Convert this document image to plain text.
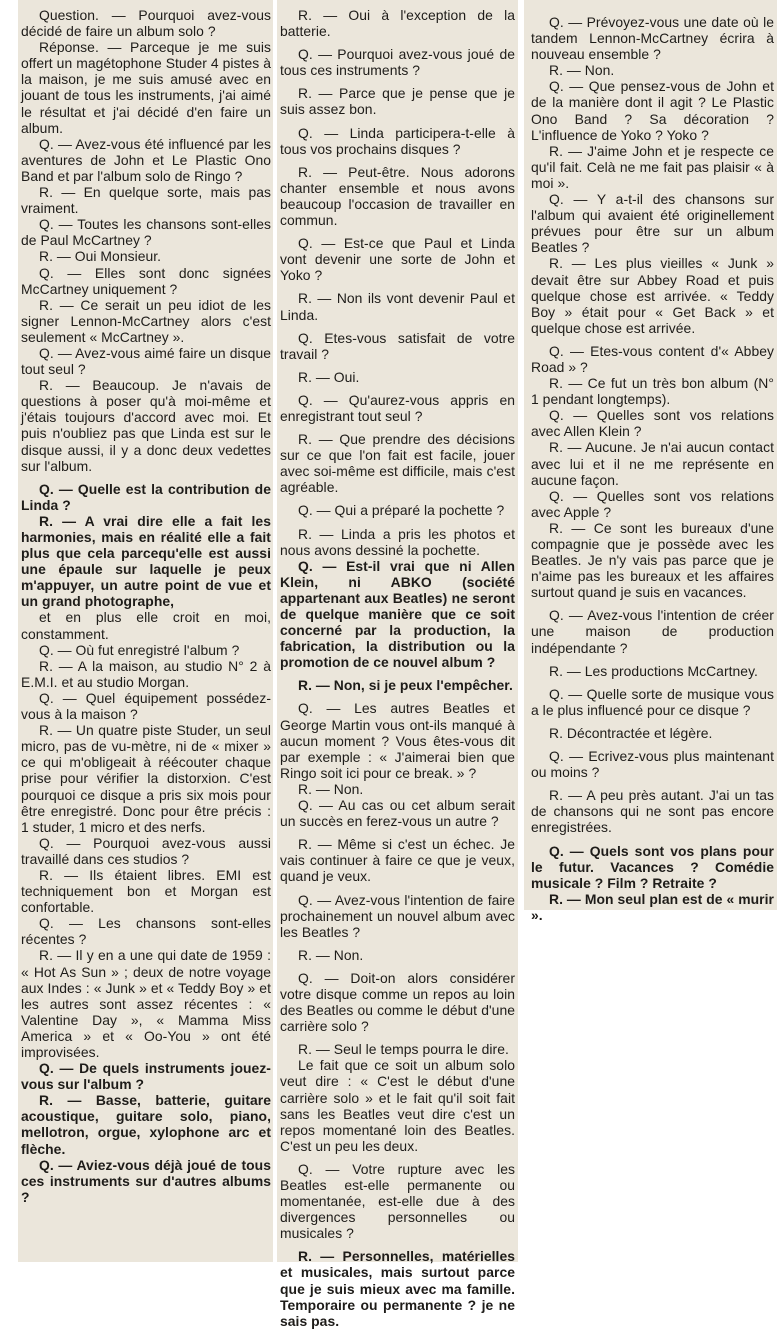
Question. — Pourquoi avez-vous décidé de faire un album solo ?

Réponse. — Parceque je me suis offert un magétophone Studer 4 pistes à la maison, je me suis amusé avec en jouant de tous les instruments, j'ai aimé le résultat et j'ai décidé d'en faire un album.

Q. — Avez-vous été influencé par les aventures de John et Le Plastic Ono Band et par l'album solo de Ringo ?

R. — En quelque sorte, mais pas vraiment.

Q. — Toutes les chansons sont-elles de Paul McCartney ?

R. — Oui Monsieur.

Q. — Elles sont donc signées McCartney uniquement ?

R. — Ce serait un peu idiot de les signer Lennon-McCartney alors c'est seulement « McCartney ».

Q. — Avez-vous aimé faire un disque tout seul ?

R. — Beaucoup. Je n'avais de questions à poser qu'à moi-même et j'étais toujours d'accord avec moi. Et puis n'oubliez pas que Linda est sur le disque aussi, il y a donc deux vedettes sur l'album.

Q. — Quelle est la contribution de Linda ?

R. — A vrai dire elle a fait les harmonies, mais en réalité elle a fait plus que cela parcequ'elle est aussi une épaule sur laquelle je peux m'appuyer, un autre point de vue et un grand photographe,

et en plus elle croit en moi, constamment.

Q. — Où fut enregistré l'album ?

R. — A la maison, au studio N° 2 à E.M.I. et au studio Morgan.

Q. — Quel équipement possédez-vous à la maison ?

R. — Un quatre piste Studer, un seul micro, pas de vu-mètre, ni de « mixer » ce qui m'obligeait à réécouter chaque prise pour vérifier la distorxion. C'est pourquoi ce disque a pris six mois pour être enregistré. Donc pour être précis : 1 studer, 1 micro et des nerfs.

Q. — Pourquoi avez-vous aussi travaillé dans ces studios ?

R. — Ils étaient libres. EMI est techniquement bon et Morgan est confortable.

Q. — Les chansons sont-elles récentes ?

R. — Il y en a une qui date de 1959 : « Hot As Sun » ; deux de notre voyage aux Indes : « Junk » et « Teddy Boy » et les autres sont assez récentes : « Valentine Day », « Mamma Miss America » et « Oo-You » ont été improvisées.

Q. — De quels instruments jouez-vous sur l'album ?

R. — Basse, batterie, guitare acoustique, guitare solo, piano, mellotron, orgue, xylophone arc et flèche.

Q. — Aviez-vous déjà joué de tous ces instruments sur d'autres albums ?

R. — Oui à l'exception de la batterie.

Q. — Pourquoi avez-vous joué de tous ces instruments ?

R. — Parce que je pense que je suis assez bon.

Q. — Linda participera-t-elle à tous vos prochains disques ?

R. — Peut-être. Nous adorons chanter ensemble et nous avons beaucoup l'occasion de travailler en commun.

Q. — Est-ce que Paul et Linda vont devenir une sorte de John et Yoko ?

R. — Non ils vont devenir Paul et Linda.

Q. Etes-vous satisfait de votre travail ?

R. — Oui.

Q. — Qu'aurez-vous appris en enregistrant tout seul ?

R. — Que prendre des décisions sur ce que l'on fait est facile, jouer avec soi-même est difficile, mais c'est agréable.

Q. — Qui a préparé la pochette ?

R. — Linda a pris les photos et nous avons dessiné la pochette.

Q. — Est-il vrai que ni Allen Klein, ni ABKO (société appartenant aux Beatles) ne seront de quelque manière que ce soit concerné par la production, la fabrication, la distribution ou la promotion de ce nouvel album ?

R. — Non, si je peux l'empêcher.

Q. — Les autres Beatles et George Martin vous ont-ils manqué à aucun moment ? Vous êtes-vous dit par exemple : « J'aimerai bien que Ringo soit ici pour ce break. » ?

R. — Non.

Q. — Au cas ou cet album serait un succès en ferez-vous un autre ?

R. — Même si c'est un échec. Je vais continuer à faire ce que je veux, quand je veux.

Q. — Avez-vous l'intention de faire prochainement un nouvel album avec les Beatles ?

R. — Non.

Q. — Doit-on alors considérer votre disque comme un repos au loin des Beatles ou comme le début d'une carrière solo ?

R. — Seul le temps pourra le dire.

Le fait que ce soit un album solo veut dire : « C'est le début d'une carrière solo » et le fait qu'il soit fait sans les Beatles veut dire c'est un repos momentané loin des Beatles. C'est un peu les deux.

Q. — Votre rupture avec les Beatles est-elle permanente ou momentanée, est-elle due à des divergences personnelles ou musicales ?

R. — Personnelles, matérielles et musicales, mais surtout parce que je suis mieux avec ma famille. Temporaire ou permanente ? je ne sais pas.

Q. — Prévoyez-vous une date où le tandem Lennon-McCartney écrira à nouveau ensemble ?

R. — Non.

Q. — Que pensez-vous de John et de la manière dont il agit ? Le Plastic Ono Band ? Sa décoration ? L'influence de Yoko ? Yoko ?

R. — J'aime John et je respecte ce qu'il fait. Celà ne me fait pas plaisir « à moi ».

Q. — Y a-t-il des chansons sur l'album qui avaient été originellement prévues pour être sur un album Beatles ?

R. — Les plus vieilles « Junk » devait être sur Abbey Road et puis quelque chose est arrivée. « Teddy Boy » était pour « Get Back » et quelque chose est arrivée.

Q. — Etes-vous content d'« Abbey Road » ?

R. — Ce fut un très bon album (N° 1 pendant longtemps).

Q. — Quelles sont vos relations avec Allen Klein ?

R. — Aucune. Je n'ai aucun contact avec lui et il ne me représente en aucune façon.

Q. — Quelles sont vos relations avec Apple ?

R. — Ce sont les bureaux d'une compagnie que je possède avec les Beatles. Je n'y vais pas parce que je n'aime pas les bureaux et les affaires surtout quand je suis en vacances.

Q. — Avez-vous l'intention de créer une maison de production indépendante ?

R. — Les productions McCartney.

Q. — Quelle sorte de musique vous a le plus influencé pour ce disque ?

R. Décontractée et légère.

Q. — Ecrivez-vous plus maintenant ou moins ?

R. — A peu près autant. J'ai un tas de chansons qui ne sont pas encore enregistrées.

Q. — Quels sont vos plans pour le futur. Vacances ? Comédie musicale ? Film ? Retraite ?

R. — Mon seul plan est de « murir ».
